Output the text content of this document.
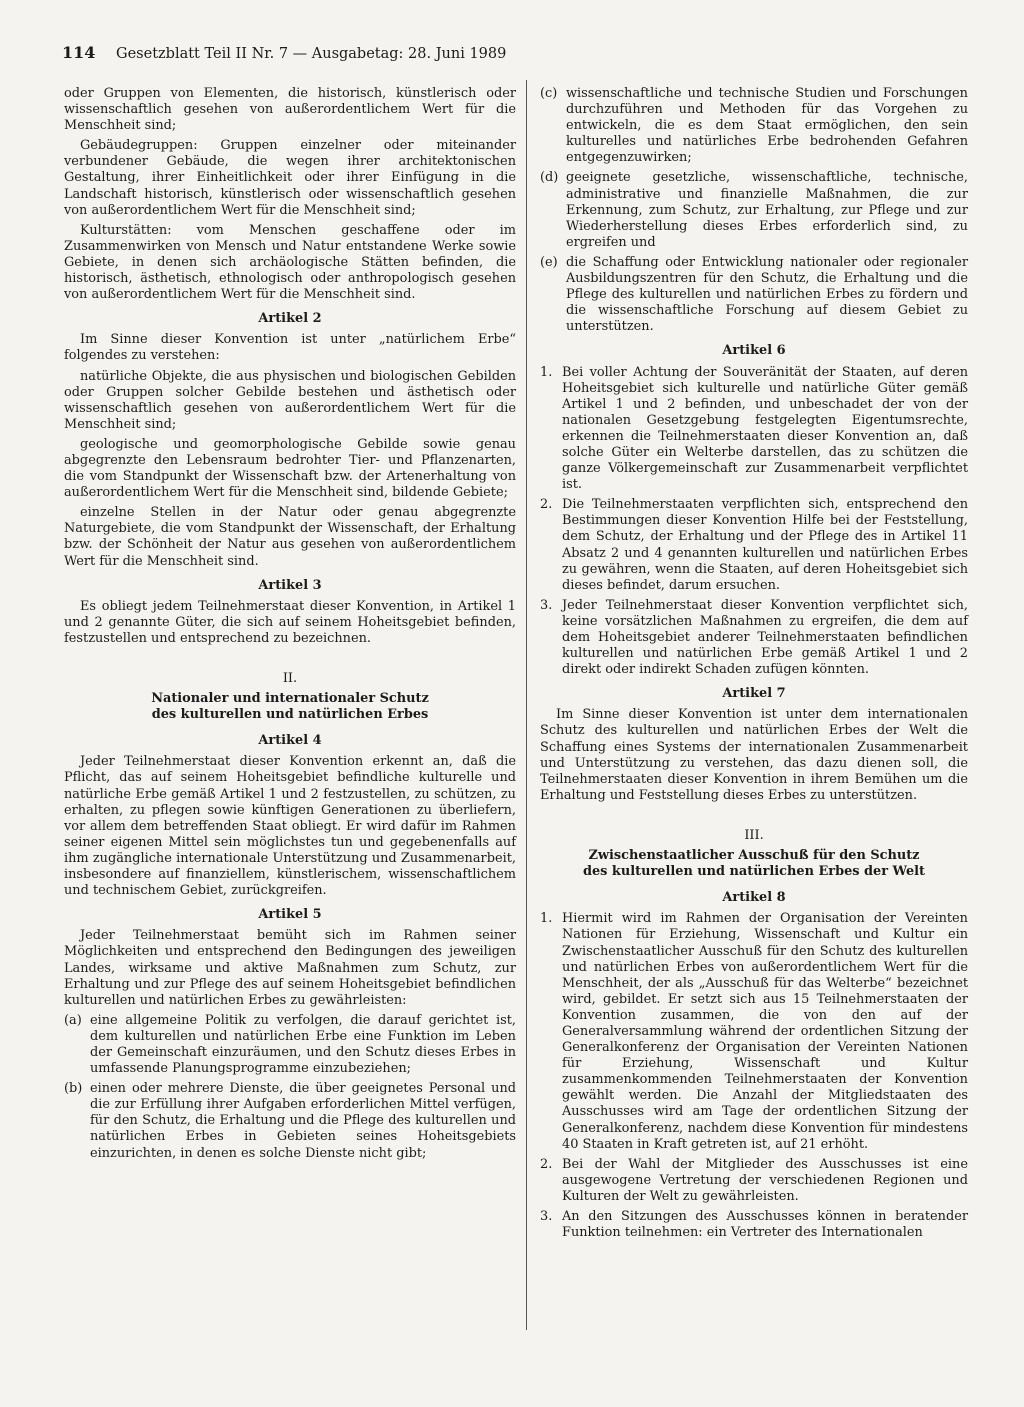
114 Gesetzblatt Teil II Nr. 7 — Ausgabetag: 28. Juni 1989

oder Gruppen von Elementen, die historisch, künstlerisch oder wissenschaftlich gesehen von außerordentlichem Wert für die Menschheit sind;

Gebäudegruppen: Gruppen einzelner oder miteinander verbundener Gebäude, die wegen ihrer architektonischen Gestaltung, ihrer Einheitlichkeit oder ihrer Einfügung in die Landschaft historisch, künstlerisch oder wissenschaftlich gesehen von außerordentlichem Wert für die Menschheit sind;

Kulturstätten: vom Menschen geschaffene oder im Zusammenwirken von Mensch und Natur entstandene Werke sowie Gebiete, in denen sich archäologische Stätten befinden, die historisch, ästhetisch, ethnologisch oder anthropologisch gesehen von außerordentlichem Wert für die Menschheit sind.

Artikel 2

Im Sinne dieser Konvention ist unter „natürlichem Erbe“ folgendes zu verstehen:

natürliche Objekte, die aus physischen und biologischen Gebilden oder Gruppen solcher Gebilde bestehen und ästhetisch oder wissenschaftlich gesehen von außerordentlichem Wert für die Menschheit sind;

geologische und geomorphologische Gebilde sowie genau abgegrenzte den Lebensraum bedrohter Tier- und Pflanzenarten, die vom Standpunkt der Wissenschaft bzw. der Artenerhaltung von außerordentlichem Wert für die Menschheit sind, bildende Gebiete;

einzelne Stellen in der Natur oder genau abgegrenzte Naturgebiete, die vom Standpunkt der Wissenschaft, der Erhaltung bzw. der Schönheit der Natur aus gesehen von außerordentlichem Wert für die Menschheit sind.

Artikel 3

Es obliegt jedem Teilnehmerstaat dieser Konvention, in Artikel 1 und 2 genannte Güter, die sich auf seinem Hoheitsgebiet befinden, festzustellen und entsprechend zu bezeichnen.

II.
Nationaler und internationaler Schutz
des kulturellen und natürlichen Erbes
Artikel 4

Jeder Teilnehmerstaat dieser Konvention erkennt an, daß die Pflicht, das auf seinem Hoheitsgebiet befindliche kulturelle und natürliche Erbe gemäß Artikel 1 und 2 festzustellen, zu schützen, zu erhalten, zu pflegen sowie künftigen Generationen zu überliefern, vor allem dem betreffenden Staat obliegt. Er wird dafür im Rahmen seiner eigenen Mittel sein möglichstes tun und gegebenenfalls auf ihm zugängliche internationale Unterstützung und Zusammenarbeit, insbesondere auf finanziellem, künstlerischem, wissenschaftlichem und technischem Gebiet, zurückgreifen.

Artikel 5

Jeder Teilnehmerstaat bemüht sich im Rahmen seiner Möglichkeiten und entsprechend den Bedingungen des jeweiligen Landes, wirksame und aktive Maßnahmen zum Schutz, zur Erhaltung und zur Pflege des auf seinem Hoheitsgebiet befindlichen kulturellen und natürlichen Erbes zu gewährleisten:

(a) eine allgemeine Politik zu verfolgen, die darauf gerichtet ist, dem kulturellen und natürlichen Erbe eine Funktion im Leben der Gemeinschaft einzuräumen, und den Schutz dieses Erbes in umfassende Planungsprogramme einzubeziehen;
(b) einen oder mehrere Dienste, die über geeignetes Personal und die zur Erfüllung ihrer Aufgaben erforderlichen Mittel verfügen, für den Schutz, die Erhaltung und die Pflege des kulturellen und natürlichen Erbes in Gebieten seines Hoheitsgebiets einzurichten, in denen es solche Dienste nicht gibt;
(c) wissenschaftliche und technische Studien und Forschungen durchzuführen und Methoden für das Vorgehen zu entwickeln, die es dem Staat ermöglichen, den sein kulturelles und natürliches Erbe bedrohenden Gefahren entgegenzuwirken;
(d) geeignete gesetzliche, wissenschaftliche, technische, administrative und finanzielle Maßnahmen, die zur Erkennung, zum Schutz, zur Erhaltung, zur Pflege und zur Wiederherstellung dieses Erbes erforderlich sind, zu ergreifen und
(e) die Schaffung oder Entwicklung nationaler oder regionaler Ausbildungszentren für den Schutz, die Erhaltung und die Pflege des kulturellen und natürlichen Erbes zu fördern und die wissenschaftliche Forschung auf diesem Gebiet zu unterstützen.
Artikel 6
1. Bei voller Achtung der Souveränität der Staaten, auf deren Hoheitsgebiet sich kulturelle und natürliche Güter gemäß Artikel 1 und 2 befinden, und unbeschadet der von der nationalen Gesetzgebung festgelegten Eigentumsrechte, erkennen die Teilnehmerstaaten dieser Konvention an, daß solche Güter ein Welterbe darstellen, das zu schützen die ganze Völkergemeinschaft zur Zusammenarbeit verpflichtet ist.
2. Die Teilnehmerstaaten verpflichten sich, entsprechend den Bestimmungen dieser Konvention Hilfe bei der Feststellung, dem Schutz, der Erhaltung und der Pflege des in Artikel 11 Absatz 2 und 4 genannten kulturellen und natürlichen Erbes zu gewähren, wenn die Staaten, auf deren Hoheitsgebiet sich dieses befindet, darum ersuchen.
3. Jeder Teilnehmerstaat dieser Konvention verpflichtet sich, keine vorsätzlichen Maßnahmen zu ergreifen, die dem auf dem Hoheitsgebiet anderer Teilnehmerstaaten befindlichen kulturellen und natürlichen Erbe gemäß Artikel 1 und 2 direkt oder indirekt Schaden zufügen könnten.
Artikel 7

Im Sinne dieser Konvention ist unter dem internationalen Schutz des kulturellen und natürlichen Erbes der Welt die Schaffung eines Systems der internationalen Zusammenarbeit und Unterstützung zu verstehen, das dazu dienen soll, die Teilnehmerstaaten dieser Konvention in ihrem Bemühen um die Erhaltung und Feststellung dieses Erbes zu unterstützen.

III.
Zwischenstaatlicher Ausschuß für den Schutz
des kulturellen und natürlichen Erbes der Welt
Artikel 8
1. Hiermit wird im Rahmen der Organisation der Vereinten Nationen für Erziehung, Wissenschaft und Kultur ein Zwischenstaatlicher Ausschuß für den Schutz des kulturellen und natürlichen Erbes von außerordentlichem Wert für die Menschheit, der als „Ausschuß für das Welterbe“ bezeichnet wird, gebildet. Er setzt sich aus 15 Teilnehmerstaaten der Konvention zusammen, die von den auf der Generalversammlung während der ordentlichen Sitzung der Generalkonferenz der Organisation der Vereinten Nationen für Erziehung, Wissenschaft und Kultur zusammenkommenden Teilnehmerstaaten der Konvention gewählt werden. Die Anzahl der Mitgliedstaaten des Ausschusses wird am Tage der ordentlichen Sitzung der Generalkonferenz, nachdem diese Konvention für mindestens 40 Staaten in Kraft getreten ist, auf 21 erhöht.
2. Bei der Wahl der Mitglieder des Ausschusses ist eine ausgewogene Vertretung der verschiedenen Regionen und Kulturen der Welt zu gewährleisten.
3. An den Sitzungen des Ausschusses können in beratender Funktion teilnehmen: ein Vertreter des Internationalen
